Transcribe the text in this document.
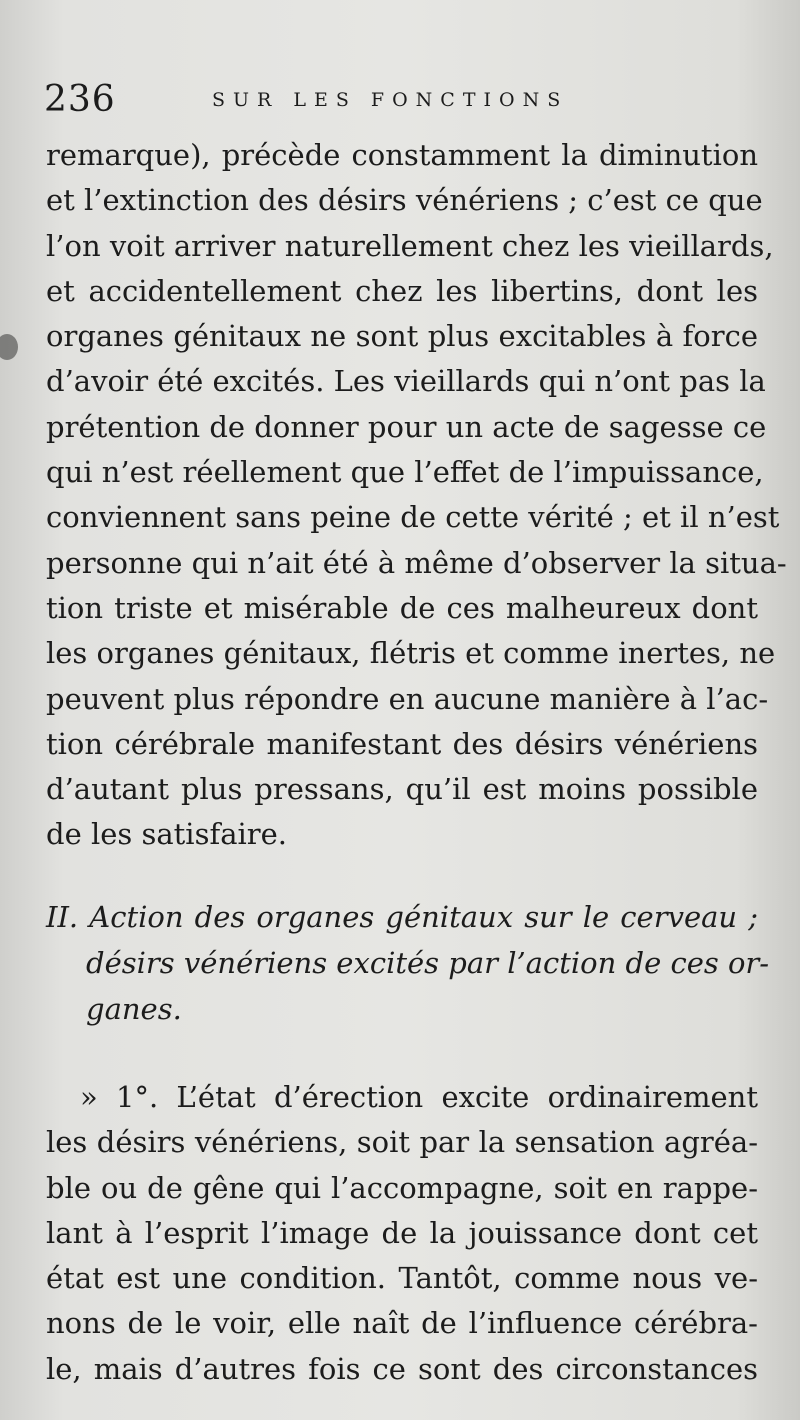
236	SUR LES FONCTIONS
remarque), précède constamment la diminution
et l’extinction des désirs vénériens ; c’est ce que
l’on voit arriver naturellement chez les vieillards,
et accidentellement chez les libertins, dont les
organes génitaux ne sont plus excitables à force
d’avoir été excités. Les vieillards qui n’ont pas la
prétention de donner pour un acte de sagesse ce
qui n’est réellement que l’effet de l’impuissance,
conviennent sans peine de cette vérité ; et il n’est
personne qui n’ait été à même d’observer la situa-
tion triste et misérable de ces malheureux dont
les organes génitaux, flétris et comme inertes, ne
peuvent plus répondre en aucune manière à l’ac-
tion cérébrale manifestant des désirs vénériens
d’autant plus pressans, qu’il est moins possible
de les satisfaire.
II. Action des organes génitaux sur le cerveau ;
désirs vénériens excités par l’action de ces or-
ganes.
» 1°. L’état d’érection excite ordinairement
les désirs vénériens, soit par la sensation agréa-
ble ou de gêne qui l’accompagne, soit en rappe-
lant à l’esprit l’image de la jouissance dont cet
état est une condition. Tantôt, comme nous ve-
nons de le voir, elle naît de l’influence cérébra-
le, mais d’autres fois ce sont des circonstances
